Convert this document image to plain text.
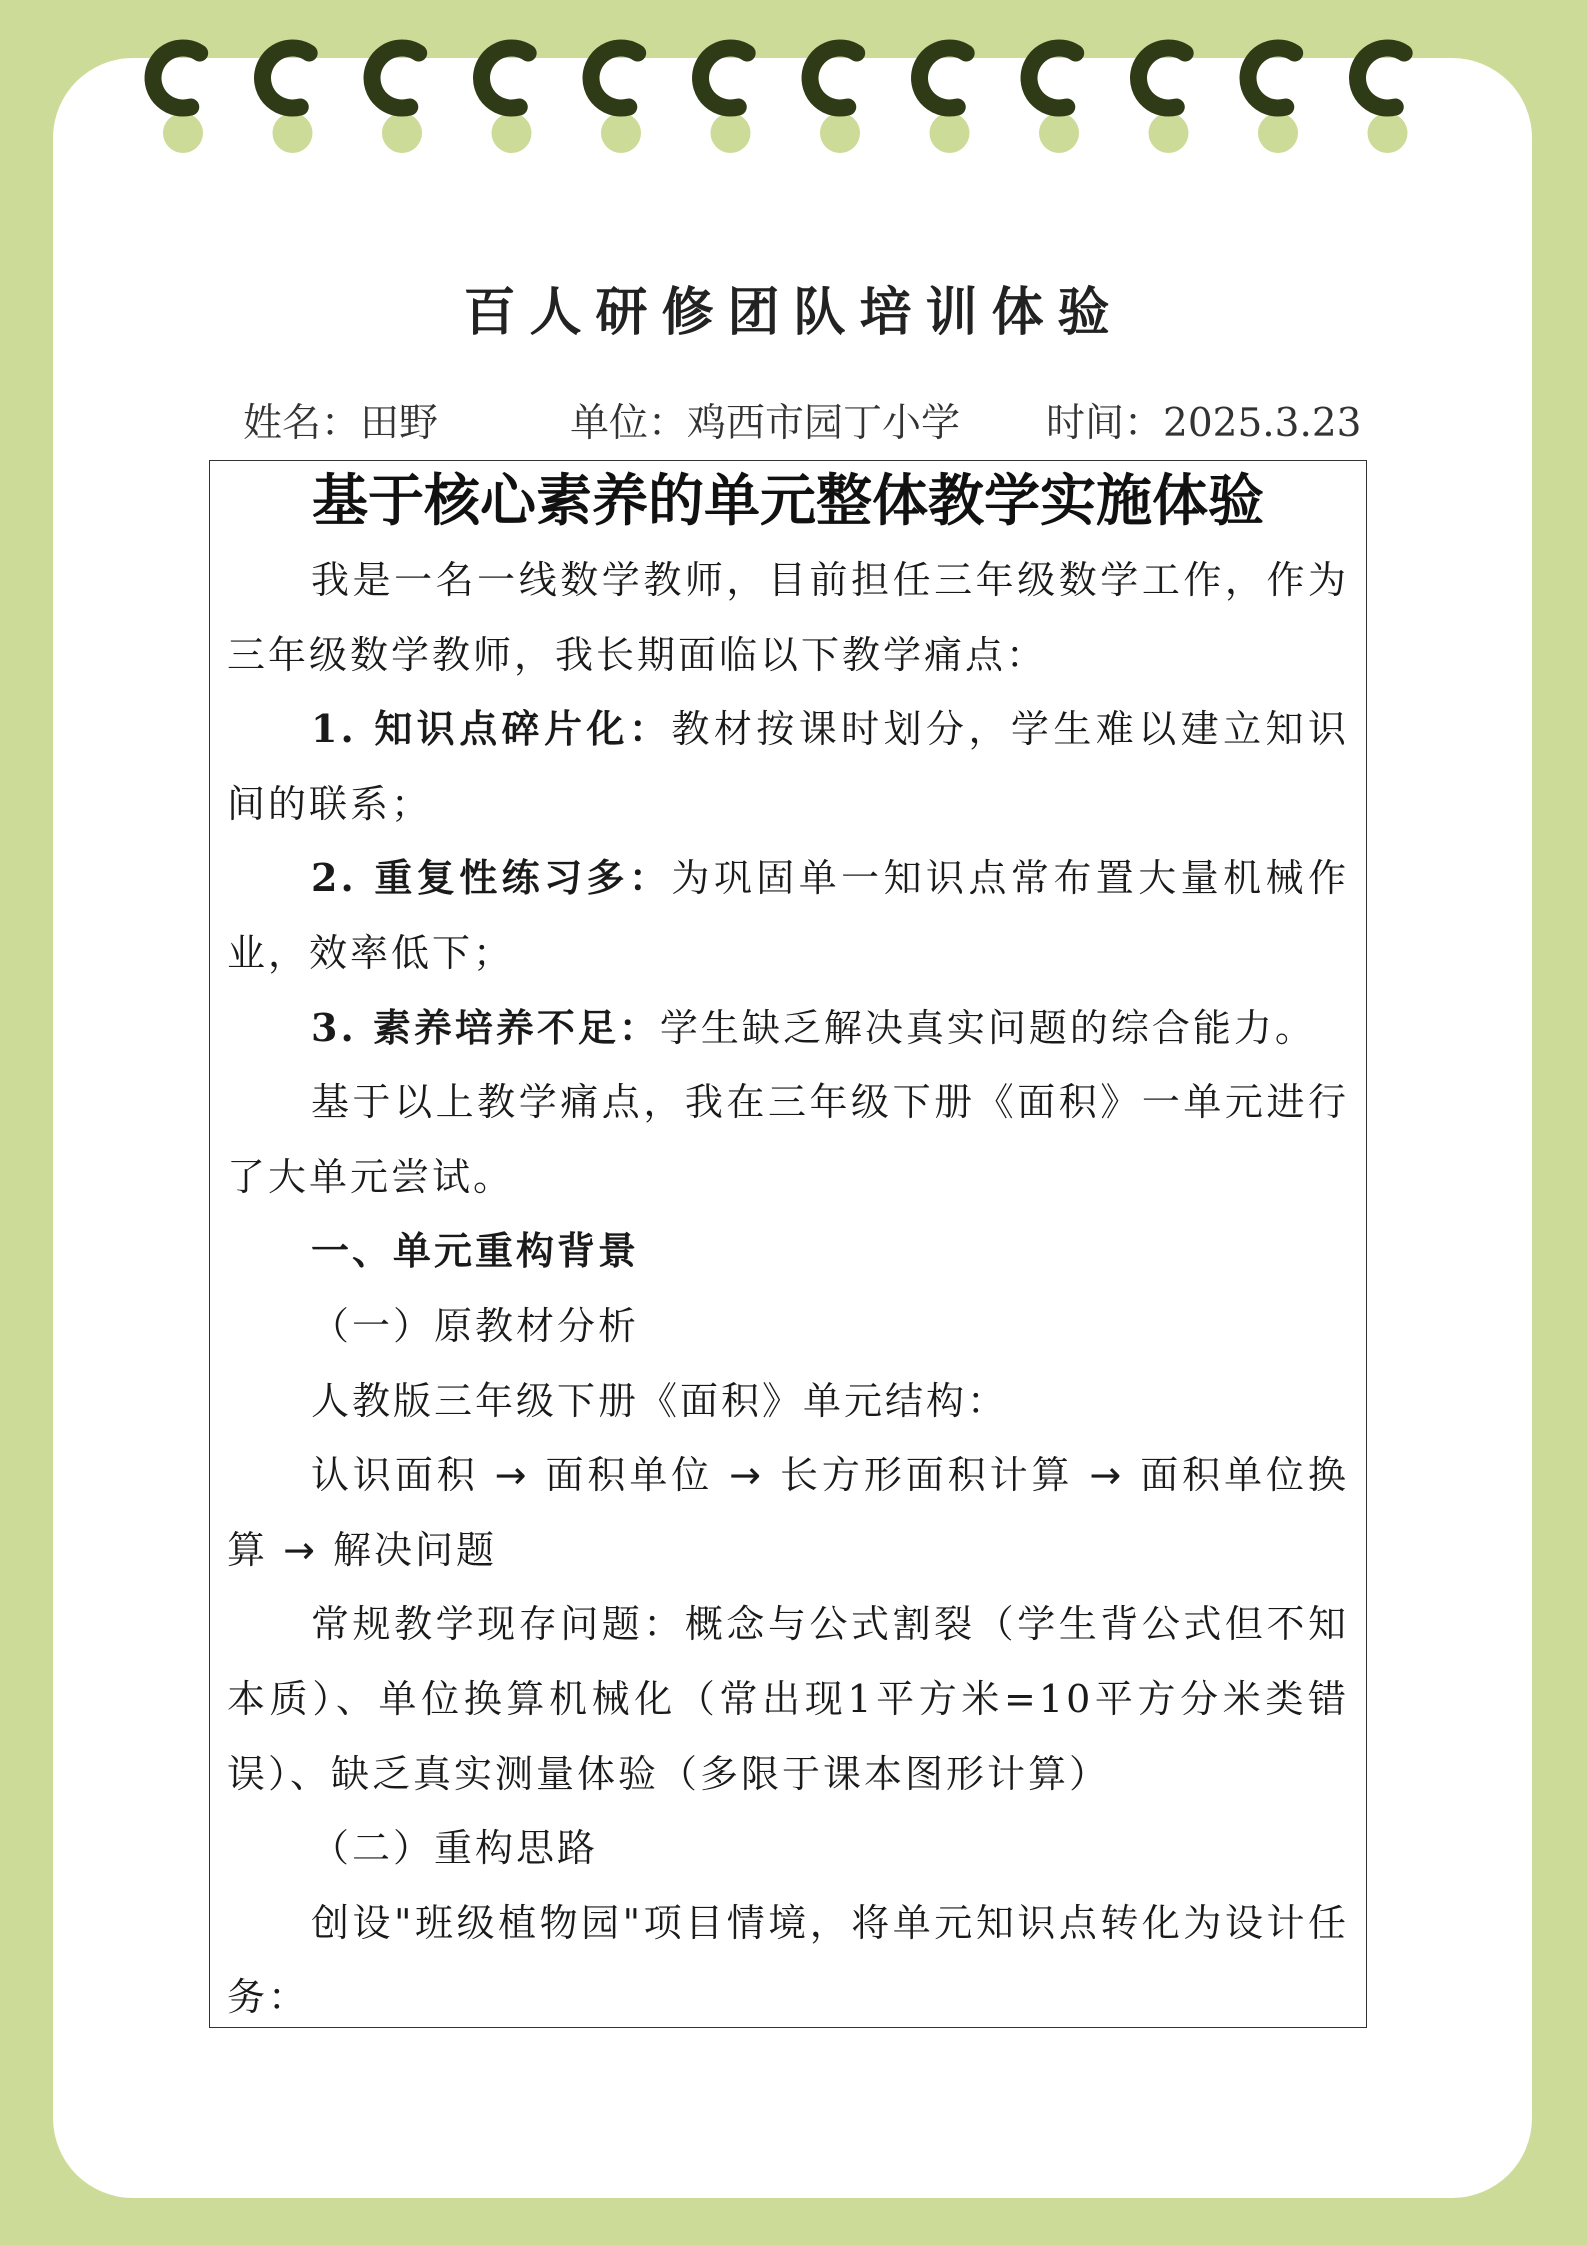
百人研修团队培训体验
姓名：田野	单位：鸡西市园丁小学 时间：2025.3.23
基于核心素养的单元整体教学实施体验

我是一名一线数学教师，目前担任三年级数学工作，作为三年级数学教师，我长期面临以下教学痛点：

1. 知识点碎片化：教材按课时划分，学生难以建立知识间的联系；

2. 重复性练习多：为巩固单一知识点常布置大量机械作业，效率低下；

3. 素养培养不足：学生缺乏解决真实问题的综合能力。

基于以上教学痛点，我在三年级下册《面积》一单元进行了大单元尝试。

一、单元重构背景

（一）原教材分析

人教版三年级下册《面积》单元结构：

认识面积 → 面积单位 → 长方形面积计算 → 面积单位换算 → 解决问题

常规教学现存问题：概念与公式割裂（学生背公式但不知本质）、单位换算机械化（常出现1平方米=10平方分米类错误）、缺乏真实测量体验（多限于课本图形计算）

（二）重构思路

创设"班级植物园"项目情境，将单元知识点转化为设计任务：
